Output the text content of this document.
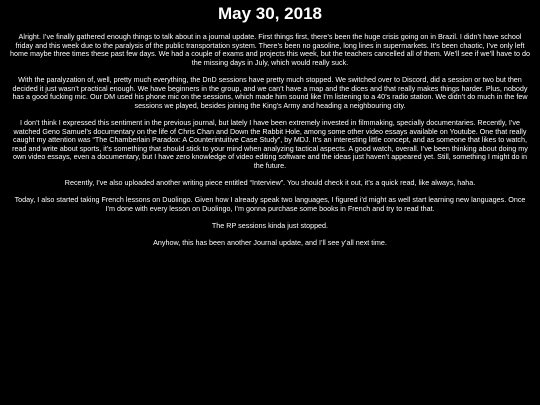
May 30, 2018

Alright. I’ve finally gathered enough things to talk about in a journal update. First things first, there’s been the huge crisis going on in Brazil. I didn’t have school friday and this week due to the paralysis of the public transportation system. There’s been no gasoline, long lines in supermarkets. It’s been chaotic, I’ve only left home maybe three times these past few days. We had a couple of exams and projects this week, but the teachers cancelled all of them. We’ll see if we’ll have to do the missing days in July, which would really suck.

With the paralyzation of, well, pretty much everything, the DnD sessions have pretty much stopped. We switched over to Discord, did a session or two but then decided it just wasn’t practical enough. We have beginners in the group, and we can’t have a map and the dices and that really makes things harder. Plus, nobody has a good fucking mic. Our DM used his phone mic on the sessions, which made him sound like I’m listening to a 40’s radio station. We didn’t do much in the few sessions we played, besides joining the King’s Army and heading a neighbouring city.

I don’t think I expressed this sentiment in the previous journal, but lately I have been extremely invested in filmmaking, specially documentaries. Recently, I’ve watched Geno Samuel’s documentary on the life of Chris Chan and Down the Rabbit Hole, among some other video essays available on Youtube. One that really caught my attention was “The Chamberlain Paradox: A Counterintuitive Case Study”, by MDJ. It’s an interesting little concept, and as someone that likes to watch, read and write about sports, it’s something that should stick to your mind when analyzing tactical aspects. A good watch, overall. I’ve been thinking about doing my own video essays, even a documentary, but I have zero knowledge of video editing software and the ideas just haven’t appeared yet. Still, something I might do in the future.

Recently, I’ve also uploaded another writing piece entitled “Interview”. You should check it out, it’s a quick read, like always, haha.

Today, I also started taking French lessons on Duolingo. Given how I already speak two languages, I figured i’d might as well start learning new languages. Once I’m done with every lesson on Duolingo, I’m gonna purchase some books in French and try to read that.

The RP sessions kinda just stopped.

Anyhow, this has been another Journal update, and I’ll see y’all next time.
